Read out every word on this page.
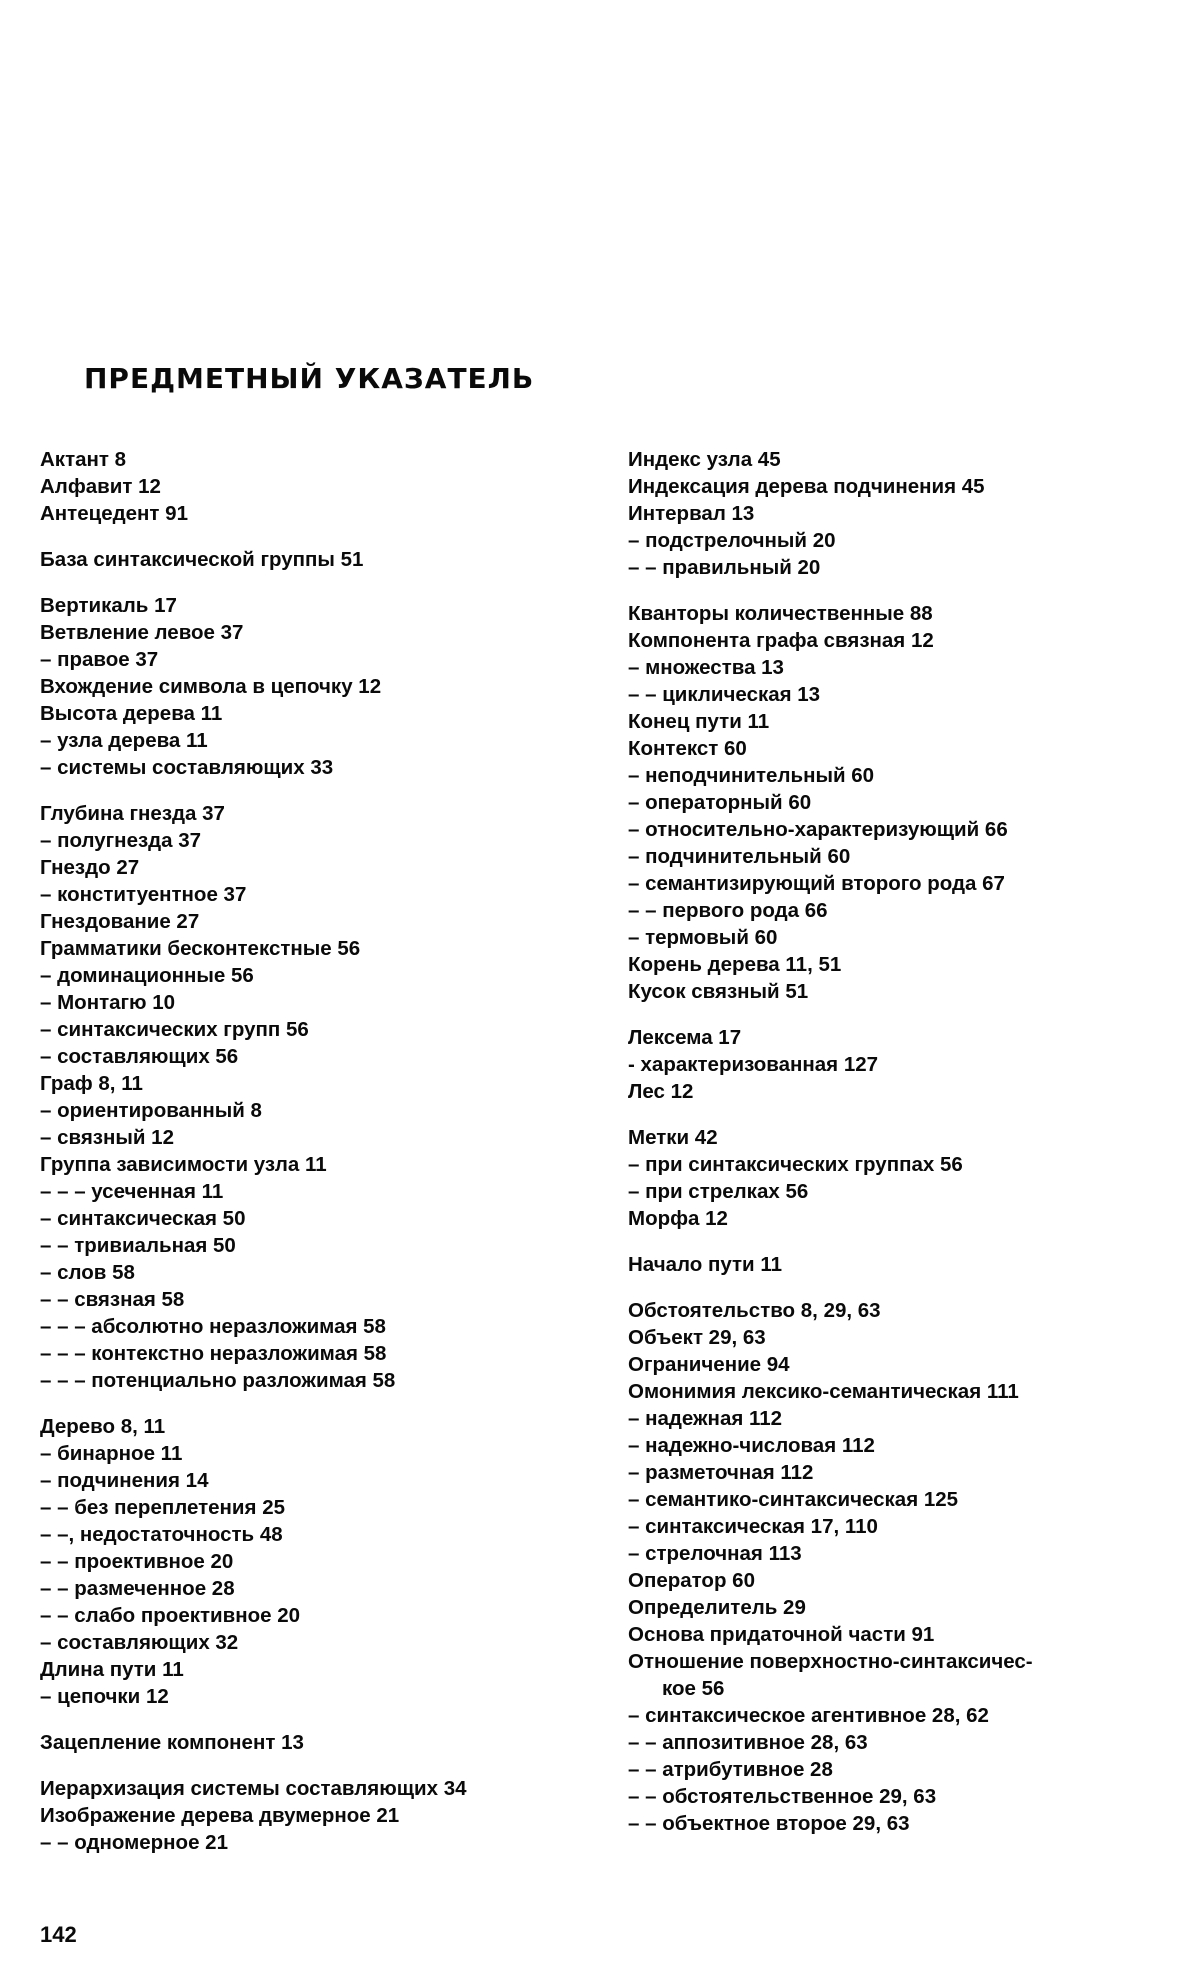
ПРЕДМЕТНЫЙ УКАЗАТЕЛЬ
Актант 8
Алфавит 12
Антецедент 91
База синтаксической группы 51
Вертикаль 17
Ветвление левое 37
– правое 37
Вхождение символа в цепочку 12
Высота дерева 11
– узла дерева 11
– системы составляющих 33
Глубина гнезда 37
– полугнезда 37
Гнездо 27
– конституентное 37
Гнездование 27
Грамматики бесконтекстные 56
– доминационные 56
– Монтагю 10
– синтаксических групп 56
– составляющих 56
Граф 8, 11
– ориентированный 8
– связный 12
Группа зависимости узла 11
– – – усеченная 11
– синтаксическая 50
– – тривиальная 50
– слов 58
– – связная 58
– – – абсолютно неразложимая 58
– – – контекстно неразложимая 58
– – – потенциально разложимая 58
Дерево 8, 11
– бинарное 11
– подчинения 14
– – без переплетения 25
– –, недостаточность 48
– – проективное 20
– – размеченное 28
– – слабо проективное 20
– составляющих 32
Длина пути 11
– цепочки 12
Зацепление компонент 13
Иерархизация системы составляющих 34
Изображение дерева двумерное 21
– – одномерное 21
Индекс узла 45
Индексация дерева подчинения 45
Интервал 13
– подстрелочный 20
– – правильный 20
Кванторы количественные 88
Компонента графа связная 12
– множества 13
– – циклическая 13
Конец пути 11
Контекст 60
– неподчинительный 60
– операторный 60
– относительно-характеризующий 66
– подчинительный 60
– семантизирующий второго рода 67
– – первого рода 66
– термовый 60
Корень дерева 11, 51
Кусок связный 51
Лексема 17
- характеризованная 127
Лес 12
Метки 42
– при синтаксических группах 56
– при стрелках 56
Морфа 12
Начало пути 11
Обстоятельство 8, 29, 63
Объект 29, 63
Ограничение 94
Омонимия лексико-семантическая 111
– надежная 112
– надежно-числовая 112
– разметочная 112
– семантико-синтаксическая 125
– синтаксическая 17, 110
– стрелочная 113
Оператор 60
Определитель 29
Основа придаточной части 91
Отношение поверхностно-синтаксичес-
кое 56
– синтаксическое агентивное 28, 62
– – аппозитивное 28, 63
– – атрибутивное 28
– – обстоятельственное 29, 63
– – объектное второе 29, 63
142
